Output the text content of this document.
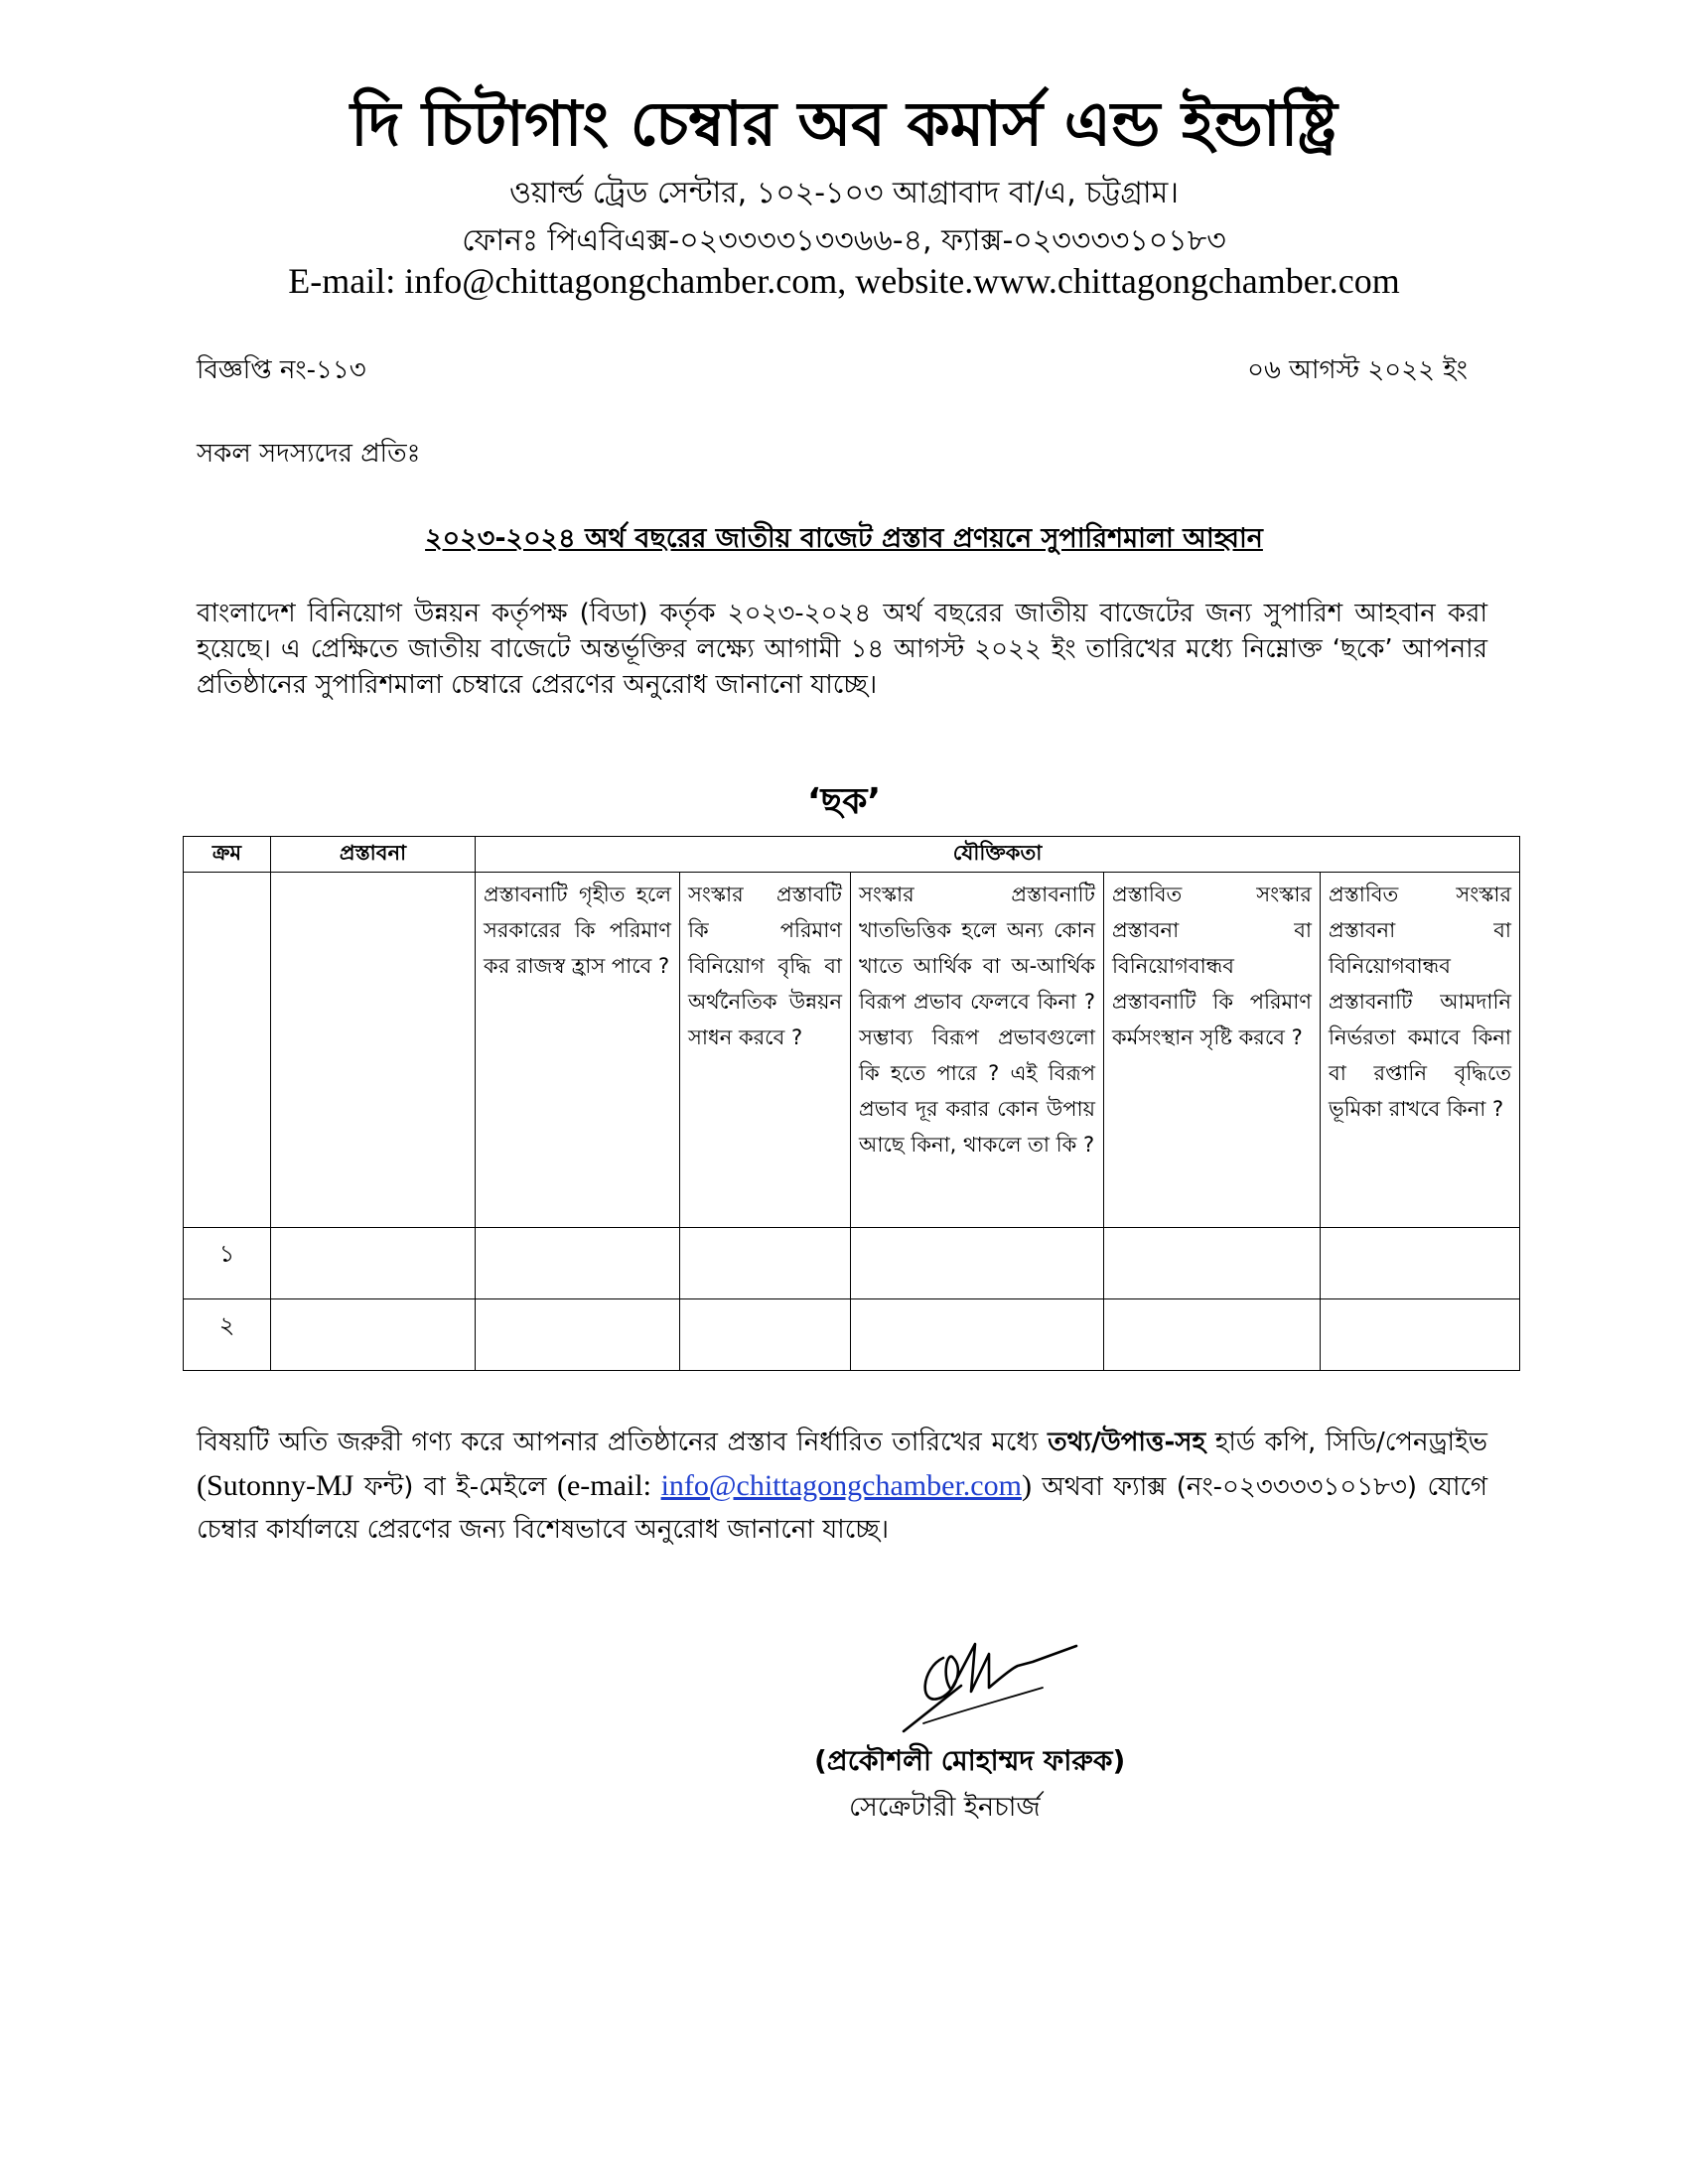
দি চিটাগাং চেম্বার অব কমার্স এন্ড ইন্ডাষ্ট্রি
ওয়ার্ল্ড ট্রেড সেন্টার, ১০২-১০৩ আগ্রাবাদ বা/এ, চট্টগ্রাম।
ফোনঃ পিএবিএক্স-০২৩৩৩৩১৩৩৬৬-৪, ফ্যাক্স-০২৩৩৩৩১০১৮৩
E-mail: info@chittagongchamber.com, website.www.chittagongchamber.com
বিজ্ঞপ্তি নং-১১৩	০৬ আগস্ট ২০২২ ইং
সকল সদস্যদের প্রতিঃ
২০২৩-২০২৪ অর্থ বছরের জাতীয় বাজেট প্রস্তাব প্রণয়নে সুপারিশমালা আহ্বান
বাংলাদেশ বিনিয়োগ উন্নয়ন কর্তৃপক্ষ (বিডা) কর্তৃক ২০২৩-২০২৪ অর্থ বছরের জাতীয় বাজেটের জন্য সুপারিশ আহবান করা হয়েছে। এ প্রেক্ষিতে জাতীয় বাজেটে অন্তর্ভূক্তির লক্ষ্যে আগামী ১৪ আগস্ট ২০২২ ইং তারিখের মধ্যে নিম্নোক্ত ‘ছকে’ আপনার প্রতিষ্ঠানের সুপারিশমালা চেম্বারে প্রেরণের অনুরোধ জানানো যাচ্ছে।
‘ছক’
ক্রম	প্রস্তাবনা	যৌক্তিকতা				
		প্রস্তাবনাটি গৃহীত হলে সরকারের কি পরিমাণ কর রাজস্ব হ্রাস পাবে ?	সংস্কার প্রস্তাবটি কি পরিমাণ বিনিয়োগ বৃদ্ধি বা অর্থনৈতিক উন্নয়ন সাধন করবে ?	সংস্কার প্রস্তাবনাটি খাতভিত্তিক হলে অন্য কোন খাতে আর্থিক বা অ-আর্থিক বিরূপ প্রভাব ফেলবে কিনা ? সম্ভাব্য বিরূপ প্রভাবগুলো কি হতে পারে ? এই বিরূপ প্রভাব দূর করার কোন উপায় আছে কিনা, থাকলে তা কি ?	প্রস্তাবিত সংস্কার প্রস্তাবনা বা বিনিয়োগবান্ধব প্রস্তাবনাটি কি পরিমাণ কর্মসংস্থান সৃষ্টি করবে ?	প্রস্তাবিত সংস্কার প্রস্তাবনা বা বিনিয়োগবান্ধব প্রস্তাবনাটি আমদানি নির্ভরতা কমাবে কিনা বা রপ্তানি বৃদ্ধিতে ভূমিকা রাখবে কিনা ?
১						
২						
বিষয়টি অতি জরুরী গণ্য করে আপনার প্রতিষ্ঠানের প্রস্তাব নির্ধারিত তারিখের মধ্যে তথ্য/উপাত্ত-সহ হার্ড কপি, সিডি/পেনড্রাইভ (Sutonny-MJ ফন্ট) বা ই-মেইলে (e-mail: info@chittagongchamber.com) অথবা ফ্যাক্স (নং-০২৩৩৩৩১০১৮৩) যোগে চেম্বার কার্যালয়ে প্রেরণের জন্য বিশেষভাবে অনুরোধ জানানো যাচ্ছে।
(প্রকৌশলী মোহাম্মদ ফারুক)
সেক্রেটারী ইনচার্জ
